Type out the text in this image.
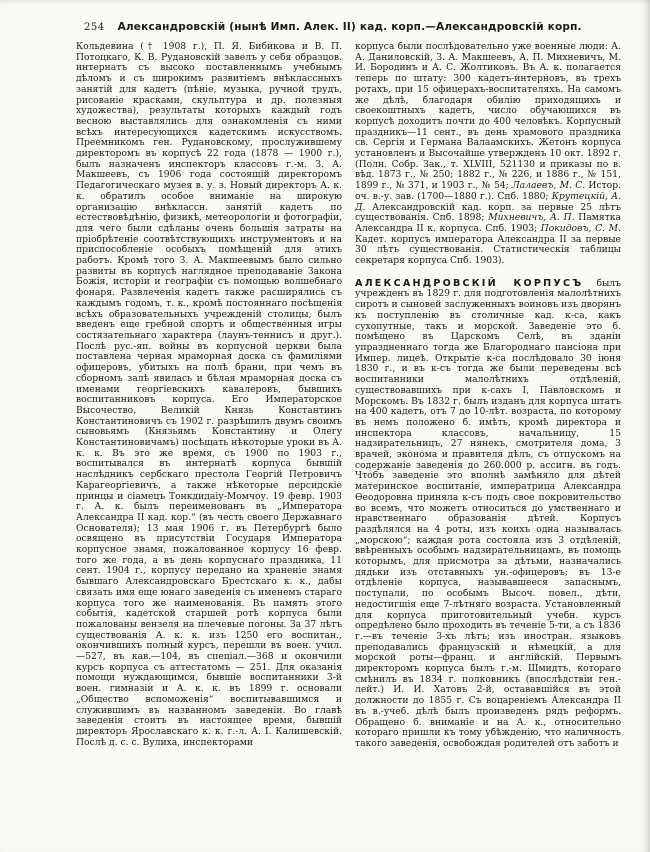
254 Александровскій (нынѣ Имп. Алек. II) кад. корп.—Александровскій корп.

Кольдевина († 1908 г.), П. Я. Бибикова и В. П. Потоцкаго, К. В. Рудановскій завелъ у себя образцов. интернатъ съ высоко поставленнымъ учебнымъ дѣломъ и съ широкимъ развитіемъ внѣклассныхъ занятій для кадетъ (пѣніе, музыка, ручной трудъ, рисованіе красками, скульптура и др. полезныя художества), результаты которыхъ каждый годъ весною выставлялись для ознакомленія съ ними всѣхъ интересующихся кадетскимъ искусствомъ. Преемникомъ ген. Рудановскому, прослужившему директоромъ въ корпусѣ 22 года (1878 — 1900 г.), былъ назначенъ инспекторъ классовъ г.-м. З. А. Макшеевъ, съ 1906 года состоящій директоромъ Педагогическаго музея в. у. з. Новый директоръ А. к. к. обратилъ особое вниманіе на широкую организацію внѣклассн. занятій кадетъ по естествовѣдѣнію, физикѣ, метеорологіи и фотографіи, для чего были сдѣланы очень большія затраты на пріобрѣтеніе соотвѣтствующихъ инструментовъ и на приспособленіе особыхъ помѣщеній для этихъ работъ. Кромѣ того З. А. Макшеевымъ было сильно развиты въ корпусѣ наглядное преподаваніе Закона Божія, исторіи и географіи съ помощью волшебнаго фонаря. Развлеченія кадетъ также расширялись съ каждымъ годомъ, т. к., кромѣ постояннаго посѣщенія всѣхъ образовательныхъ учрежденій столицы, былъ введенъ еще гребной спортъ и общественныя игры состязательнаго характера (лаунъ-теннисъ и друг.). Послѣ рус.-яп. войны въ корпусной церкви была поставлена черная мраморная доска съ фамиліями офицеровъ, убитыхъ на полѣ брани, при чемъ въ сборномъ залѣ явилась и бѣлая мраморная доска съ именами георгіевскихъ кавалеровъ, бывшихъ воспитанниковъ корпуса. Его Императорское Высочество, Великій Князь Константинъ Константиновичъ съ 1902 г. разрѣшилъ двумъ своимъ сыновьямъ (Князьямъ Константину и Олегу Константиновичамъ) посѣщать нѣкоторые уроки въ А. к. к. Въ это же время, съ 1900 по 1903 г., воспитывался въ интернатѣ корпуса бывшій наслѣдникъ сербскаго престола Георгій Петровичъ Карагеоргіевичъ, а также нѣкоторые персидскіе принцы и сіамецъ Тонкдидаіу-Момчоу. 19 февр. 1903 г. А. к. былъ переименованъ въ „Императора Александра II кад. кор.“ (въ честь своего Державнаго Основателя); 13 мая 1906 г. въ Петербургѣ было освящено въ присутствіи Государя Императора корпусное знамя, пожалованное корпусу 16 февр. того же года, а въ день корпуснаго праздника, 11 сент. 1904 г., корпусу передано на храненіе знамя бывшаго Александровскаго Брестскаго к. к., дабы связать имя еще юнаго заведенія съ именемъ стараго корпуса того же наименованія. Въ память этого событія, кадетской старшей ротѣ корпуса были пожалованы вензеля на плечевые погоны. За 37 лѣтъ существованія А. к. к. изъ 1250 его воспитан., окончившихъ полный курсъ, перешли въ воен. учил.—527, въ кав.—104, въ спеціал.—368 и окончили курсъ корпуса съ аттестатомъ — 251. Для оказанія помощи нуждающимся, бывшіе воспитанники 3-й воен. гимназіи и А. к. к. въ 1899 г. основали „Общество вспоможенія“ воспитывавшимся и служившимъ въ названномъ заведеніи. Во главѣ заведенія стоитъ въ настоящее время, бывшій директоръ Ярославскаго к. к. г.-л. А. І. Калишевскій. Послѣ д. с. с. Вулиха, инспекторами

корпуса были послѣдовательно уже военные люди: А. А. Даниловскій, З. А. Макшеевъ, А. П. Михневичъ, М. И. Бородинъ и А. С. Жолтиковъ. Въ А. к. полагается теперь по штату: 300 кадетъ-интерновъ, въ трехъ ротахъ, при 15 офицерахъ-воспитателяхъ. На самомъ же дѣлѣ, благодаря обилію приходящихъ и своекоштныхъ кадетъ, число обучающихся въ корпусѣ доходитъ почти до 400 человѣкъ. Корпусный праздникъ—11 сент., въ день храмового праздника св. Сергія и Германа Валаамскихъ. Жетонъ корпуса установленъ и Высочайше утвержденъ 10 окт. 1892 г. (Полн. Собр. Зак., т. XLVIII, 521130 и приказы по в. вѣд. 1873 г., № 250; 1882 г., № 226, и 1886 г., № 151, 1899 г., № 371, и 1903 г., № 54; Лалаевъ, М. С. Истор. оч. в.-у. зав. (1700—1880 г.). Спб. 1880; Крутецкій, А. Д. Александровскій кад. корп. за первые 25 лѣтъ существованія. Спб. 1898; Михневичъ, А. П. Памятка Александра II к. корпуса. Спб. 1903; Покидовъ, С. М. Кадет. корпусъ императора Александра II за первые 30 лѣтъ существованія. Статистическія таблицы секретаря корпуса Спб. 1903).

АЛЕКСАНДРОВСКІЙ КОРПУСЪ былъ учрежденъ въ 1829 г. для подготовленія малолѣтнихъ сиротъ и сыновей заслуженныхъ воиновъ изъ дворянъ къ поступленію въ столичные кад. к-са, какъ сухопутные, такъ и морской. Заведеніе это б. помѣщено въ Царскомъ Селѣ, въ зданіи упраздненнаго тогда же Благороднаго пансіона при Импер. лицеѣ. Открытіе к-са послѣдовало 30 іюня 1830 г., и въ к-съ тогда же были переведены всѣ воспитанники малолѣтнихъ отдѣленій, существовавшихъ при к-сахъ I, Павловскомъ и Морскомъ. Въ 1832 г. былъ изданъ для корпуса штатъ на 400 кадетъ, отъ 7 до 10-лѣт. возраста, по которому въ немъ положено б. имѣть, кромѣ директора и инспектора классовъ, начальницу, 15 надзирательницъ, 27 нянекъ, смотрителя дома, 3 врачей, эконома и правителя дѣлъ, съ отпускомъ на содержаніе заведенія до 260.000 р. ассигн. въ годъ. Чтобъ заведеніе это вполнѣ замѣняло для дѣтей материнское воспитаніе, императрица Александра Ѳеодоровна приняла к-съ подъ свое покровительство во всемъ, что можетъ относиться до умственнаго и нравственнаго образованія дѣтей. Корпусъ раздѣлялся на 4 роты, изъ коихъ одна называлась „морскою“; каждая рота состояла изъ 3 отдѣленій, ввѣренныхъ особымъ надзирательницамъ, въ помощь которымъ, для присмотра за дѣтьми, назначались дядьки изъ отставныхъ ун.-офицеровъ; въ 13-е отдѣленіе корпуса, называвшееся запаснымъ, поступали, по особымъ Высоч. повел., дѣти, недостигшія еще 7-лѣтняго возраста. Установленный для корпуса приготовительный учебн. курсъ опредѣлено было проходить въ теченіе 5-ти, а съ 1836 г.—въ теченіе 3-хъ лѣтъ; изъ иностран. языковъ преподавались французскій и нѣмецкій, а для морской роты—франц. и англійскій. Первымъ директоромъ корпуса былъ г.-м. Шмидтъ, котораго смѣнилъ въ 1834 г. полковникъ (впослѣдствіи ген.-лейт.) И. И. Хатовъ 2-й, остававшійся въ этой должности до 1855 г. Съ воцареніемъ Александра II въ в.-учеб. дѣлѣ былъ произведенъ рядъ реформъ. Обращено б. вниманіе и на А. к., относительно котораго пришли къ тому убѣжденію, что наличность такого заведенія, освобождая родителей отъ заботъ и
